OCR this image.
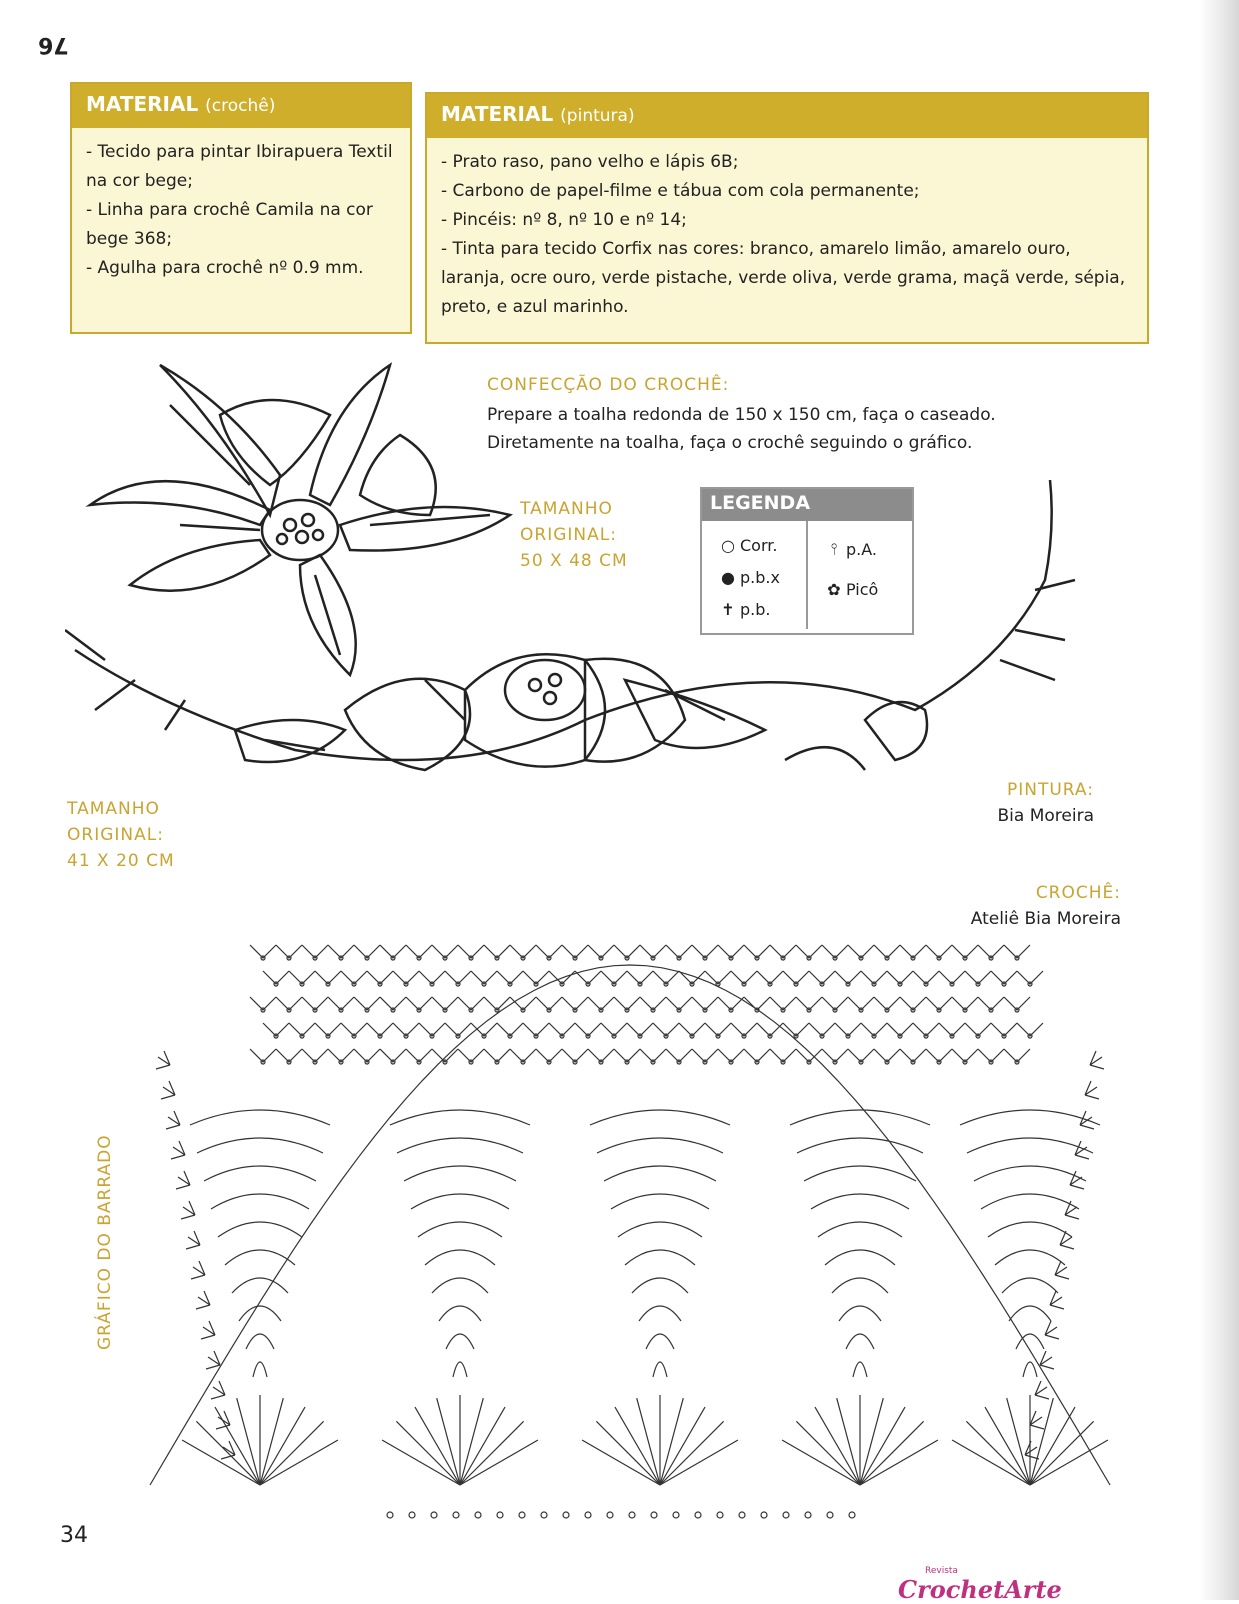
76
MATERIAL (crochê)
- Tecido para pintar Ibirapuera Textil na cor bege;
- Linha para crochê Camila na cor bege 368;
- Agulha para crochê nº 0.9 mm.
MATERIAL (pintura)
- Prato raso, pano velho e lápis 6B;
- Carbono de papel-filme e tábua com cola permanente;
- Pincéis: nº 8, nº 10 e nº 14;
- Tinta para tecido Corfix nas cores: branco, amarelo limão, amarelo ouro, laranja, ocre ouro, verde pistache, verde oliva, verde grama, maçã verde, sépia, preto, e azul marinho.
CONFECÇÃO DO CROCHÊ:
Prepare a toalha redonda de 150 x 150 cm, faça o caseado. Diretamente na toalha, faça o crochê seguindo o gráfico.
TAMANHO
ORIGINAL:
50 X 48 CM
TAMANHO
ORIGINAL:
41 X 20 CM
LEGENDA
○ Corr.
● p.b.x
✝ p.b.
⫯ p.A.
✿ Picô
PINTURA:
Bia Moreira
CROCHÊ:
Ateliê Bia Moreira
GRÁFICO DO BARRADO
34
Revista
CrochetArte
